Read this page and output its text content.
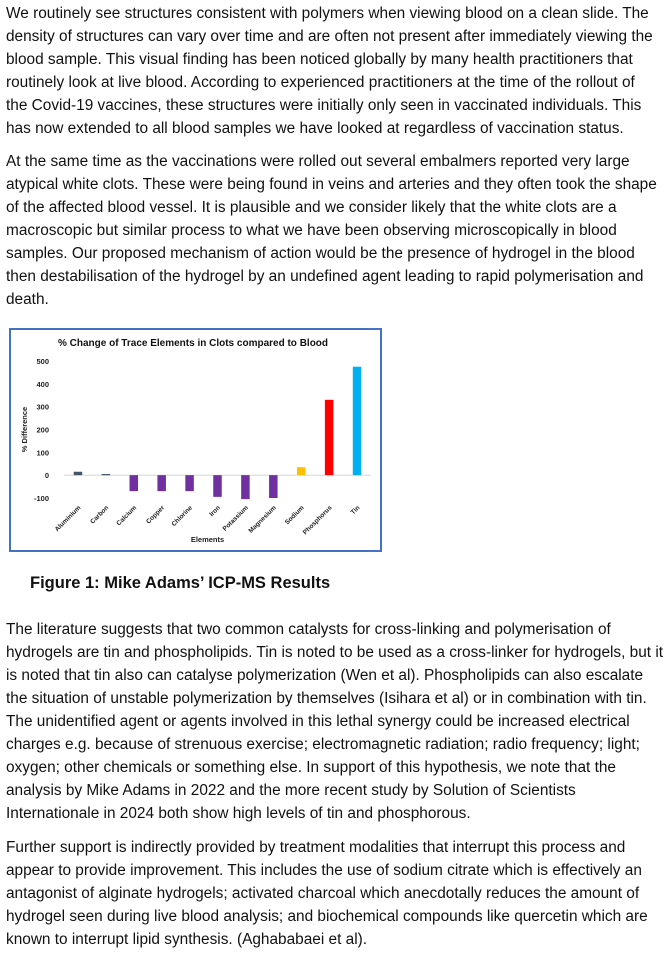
We routinely see structures consistent with polymers when viewing blood on a clean slide. The
density of structures can vary over time and are often not present after immediately viewing the
blood sample. This visual finding has been noticed globally by many health practitioners that
routinely look at live blood. According to experienced practitioners at the time of the rollout of
the Covid-19 vaccines, these structures were initially only seen in vaccinated individuals. This
has now extended to all blood samples we have looked at regardless of vaccination status.
At the same time as the vaccinations were rolled out several embalmers reported very large
atypical white clots. These were being found in veins and arteries and they often took the shape
of the affected blood vessel. It is plausible and we consider likely that the white clots are a
macroscopic but similar process to what we have been observing microscopically in blood
samples. Our proposed mechanism of action would be the presence of hydrogel in the blood
then destabilisation of the hydrogel by an undefined agent leading to rapid polymerisation and
death.
% Change of Trace Elements in Clots compared to Blood
-100
0
100
200
300
400
500
% Difference
Aluminium Carbon Calcium Copper Chlorine Iron Potassium
Magnesium Sodium
Phosphorus Tin
Elements

Figure 1: Mike Adams’ ICP-MS Results

The literature suggests that two common catalysts for cross-linking and polymerisation of
hydrogels are tin and phospholipids. Tin is noted to be used as a cross-linker for hydrogels, but it
is noted that tin also can catalyse polymerization (Wen et al). Phospholipids can also escalate
the situation of unstable polymerization by themselves (Isihara et al) or in combination with tin.
The unidentified agent or agents involved in this lethal synergy could be increased electrical
charges e.g. because of strenuous exercise; electromagnetic radiation; radio frequency; light;
oxygen; other chemicals or something else. In support of this hypothesis, we note that the
analysis by Mike Adams in 2022 and the more recent study by Solution of Scientists
Internationale in 2024 both show high levels of tin and phosphorous.
Further support is indirectly provided by treatment modalities that interrupt this process and
appear to provide improvement. This includes the use of sodium citrate which is effectively an
antagonist of alginate hydrogels; activated charcoal which anecdotally reduces the amount of
hydrogel seen during live blood analysis; and biochemical compounds like quercetin which are
known to interrupt lipid synthesis. (Aghababaei et al).
